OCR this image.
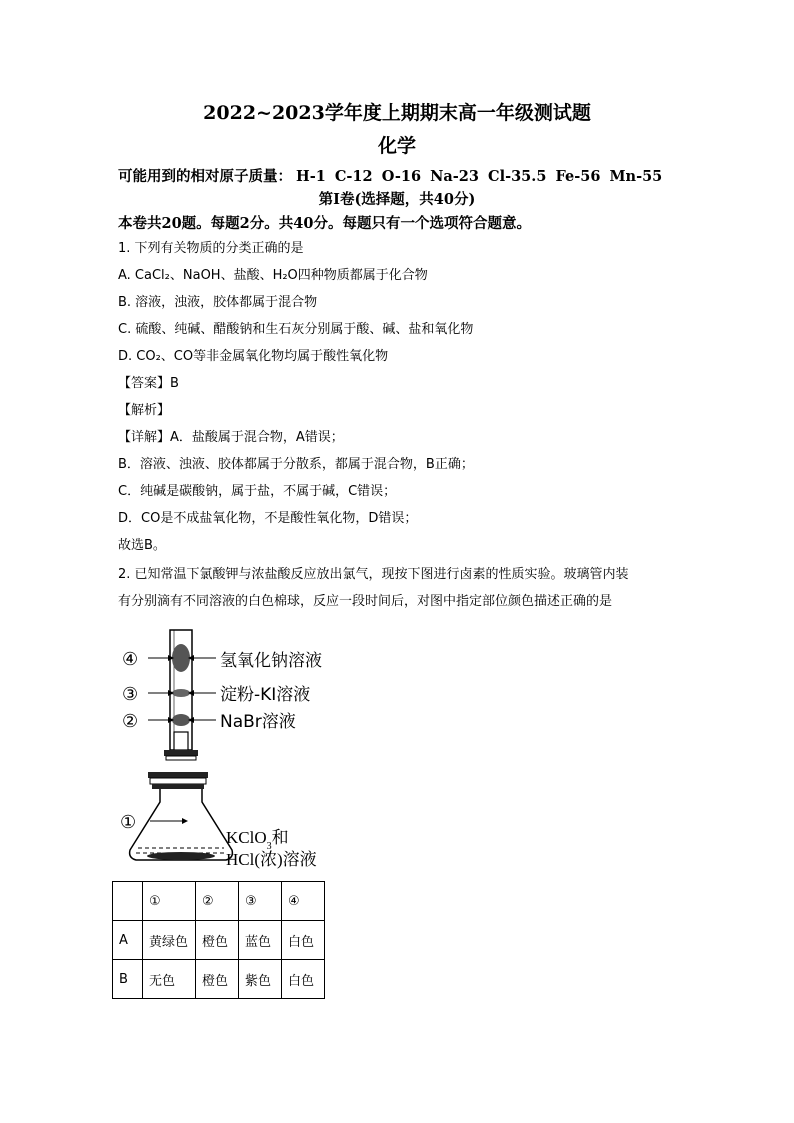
2022~2023学年度上期期末高一年级测试题
化学
可能用到的相对原子质量： H-1 C-12 O-16 Na-23 Cl-35.5 Fe-56 Mn-55
第I卷(选择题，共40分)
本卷共20题。每题2分。共40分。每题只有一个选项符合题意。
1. 下列有关物质的分类正确的是
A. CaCl₂、NaOH、盐酸、H₂O四种物质都属于化合物
B. 溶液，浊液，胶体都属于混合物
C. 硫酸、纯碱、醋酸钠和生石灰分别属于酸、碱、盐和氧化物
D. CO₂、CO等非金属氧化物均属于酸性氧化物
【答案】B
【解析】
【详解】A．盐酸属于混合物，A错误；
B．溶液、浊液、胶体都属于分散系，都属于混合物，B正确；
C．纯碱是碳酸钠，属于盐，不属于碱，C错误；
D．CO是不成盐氧化物，不是酸性氧化物，D错误；
故选B。
2. 已知常温下氯酸钾与浓盐酸反应放出氯气，现按下图进行卤素的性质实验。玻璃管内装
有分别滴有不同溶液的白色棉球，反应一段时间后，对图中指定部位颜色描述正确的是
④
③
②
①
氢氧化钠溶液
淀粉-KI溶液
NaBr溶液
KClO$_3$和
HCl(浓)溶液
	①	②	③	④
A	黄绿色	橙色	蓝色	白色
B	无色	橙色	紫色	白色
